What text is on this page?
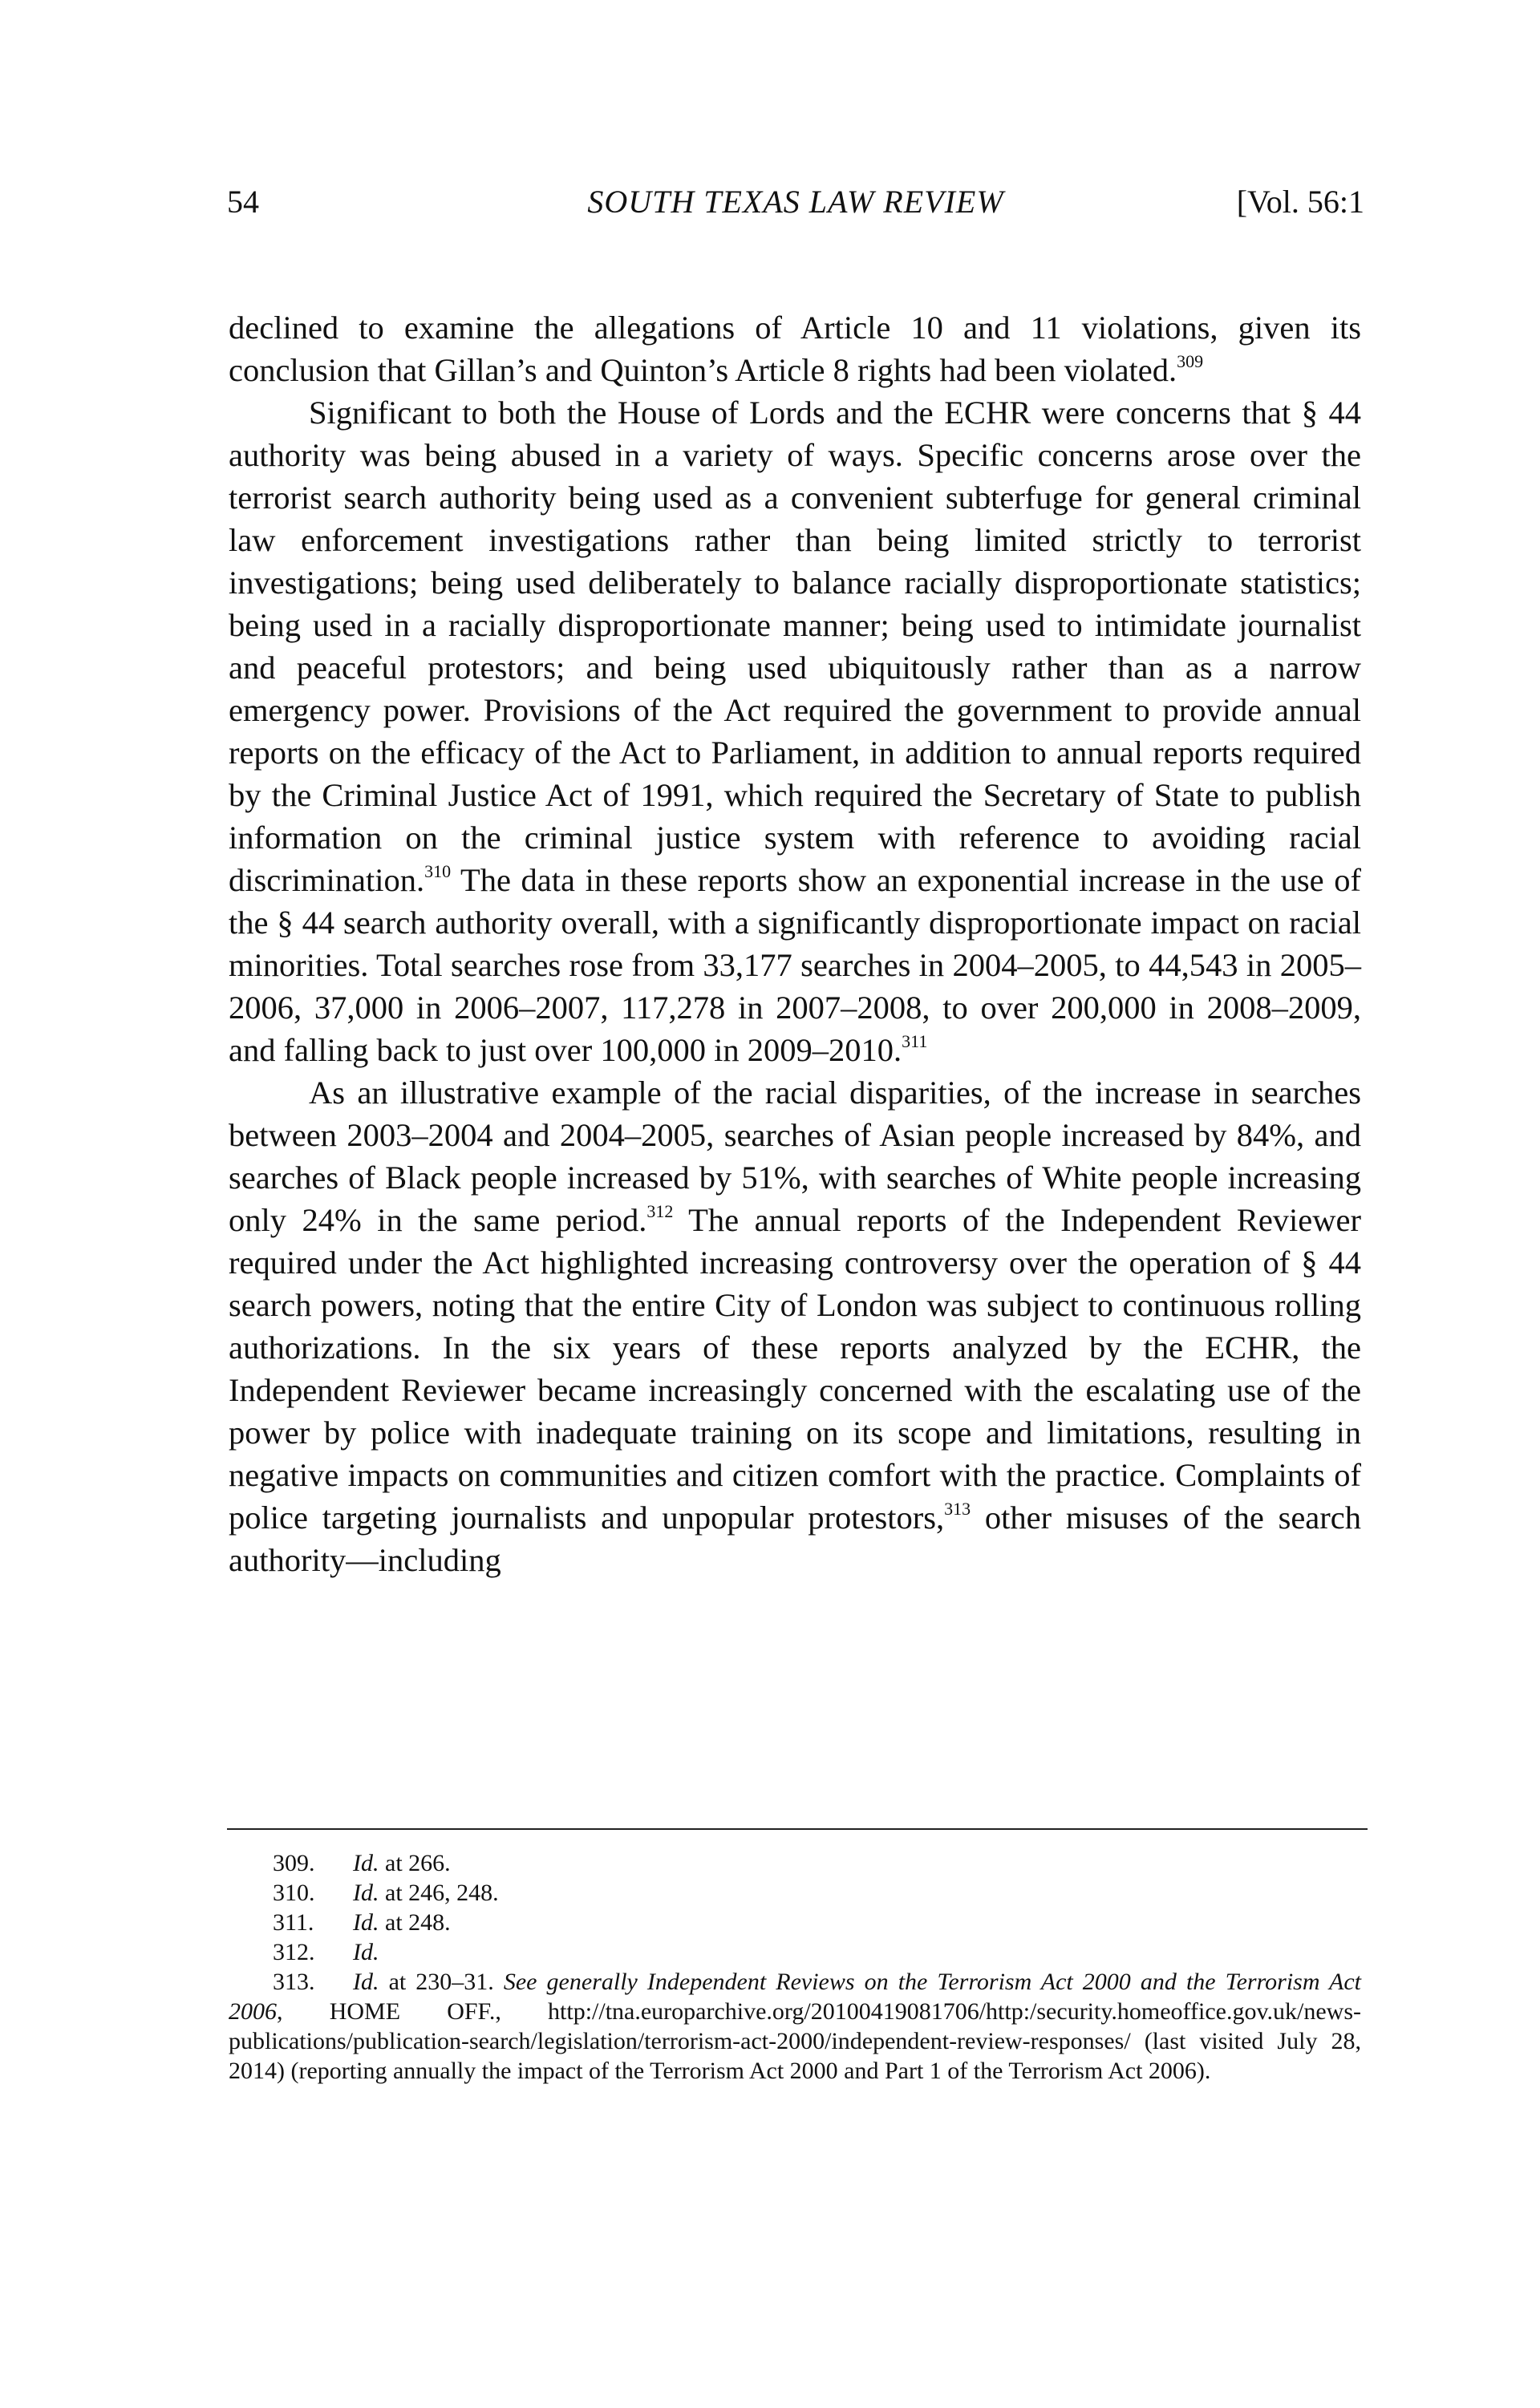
54	SOUTH TEXAS LAW REVIEW	[Vol. 56:1

declined to examine the allegations of Article 10 and 11 violations, given its conclusion that Gillan’s and Quinton’s Article 8 rights had been violated.$^{309}$

Significant to both the House of Lords and the ECHR were concerns that § 44 authority was being abused in a variety of ways. Specific concerns arose over the terrorist search authority being used as a convenient subterfuge for general criminal law enforcement investigations rather than being limited strictly to terrorist investigations; being used deliberately to balance racially disproportionate statistics; being used in a racially disproportionate manner; being used to intimidate journalist and peaceful protestors; and being used ubiquitously rather than as a narrow emergency power. Provisions of the Act required the government to provide annual reports on the efficacy of the Act to Parliament, in addition to annual reports required by the Criminal Justice Act of 1991, which required the Secretary of State to publish information on the criminal justice system with reference to avoiding racial discrimination.$^{310}$ The data in these reports show an exponential increase in the use of the § 44 search authority overall, with a significantly disproportionate impact on racial minorities. Total searches rose from 33,177 searches in 2004–2005, to 44,543 in 2005–2006, 37,000 in 2006–2007, 117,278 in 2007–2008, to over 200,000 in 2008–2009, and falling back to just over 100,000 in 2009–2010.$^{311}$

As an illustrative example of the racial disparities, of the increase in searches between 2003–2004 and 2004–2005, searches of Asian people increased by 84%, and searches of Black people increased by 51%, with searches of White people increasing only 24% in the same period.$^{312}$ The annual reports of the Independent Reviewer required under the Act highlighted increasing controversy over the operation of § 44 search powers, noting that the entire City of London was subject to continuous rolling authorizations. In the six years of these reports analyzed by the ECHR, the Independent Reviewer became increasingly concerned with the escalating use of the power by police with inadequate training on its scope and limitations, resulting in negative impacts on communities and citizen comfort with the practice. Complaints of police targeting journalists and unpopular protestors,$^{313}$ other misuses of the search authority—including

309. Id. at 266.

310. Id. at 246, 248.

311. Id. at 248.

312. Id.

313. Id. at 230–31. See generally Independent Reviews on the Terrorism Act 2000 and the Terrorism Act 2006, HOME OFF., http://tna.europarchive.org/20100419081706/http:/security.homeoffice.gov.uk/news-publications/publication-search/legislation/terrorism-act-2000/independent-review-responses/ (last visited July 28, 2014) (reporting annually the impact of the Terrorism Act 2000 and Part 1 of the Terrorism Act 2006).
